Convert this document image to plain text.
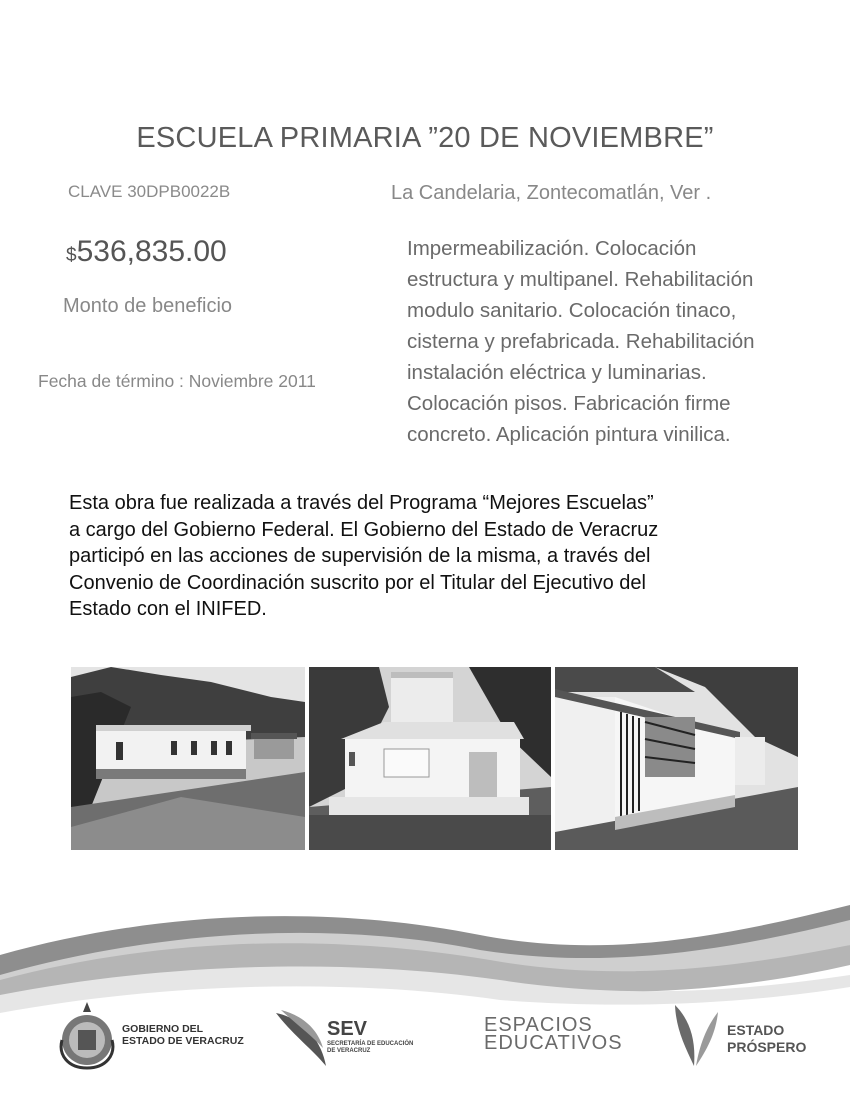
ESCUELA PRIMARIA ”20 DE NOVIEMBRE”
CLAVE 30DPB0022B	La Candelaria, Zontecomatlán, Ver .
$536,835.00
Monto de beneficio
Fecha de término : Noviembre 2011
Impermeabilización. Colocación
estructura y multipanel. Rehabilitación
modulo sanitario. Colocación tinaco,
cisterna y prefabricada. Rehabilitación
instalación eléctrica y luminarias.
Colocación pisos. Fabricación firme
concreto. Aplicación pintura vinilica.
Esta obra fue realizada a través del Programa “Mejores Escuelas”
a cargo del Gobierno Federal. El Gobierno del Estado de Veracruz
participó en las acciones de supervisión de la misma, a través del
Convenio de Coordinación suscrito por el Titular del Ejecutivo del
Estado con el INIFED.
GOBIERNO DEL
ESTADO DE VERACRUZ
SEV
SECRETARÍA DE EDUCACIÓN
DE VERACRUZ
ESPACIOS
EDUCATIVOS
ESTADO
PRÓSPERO
